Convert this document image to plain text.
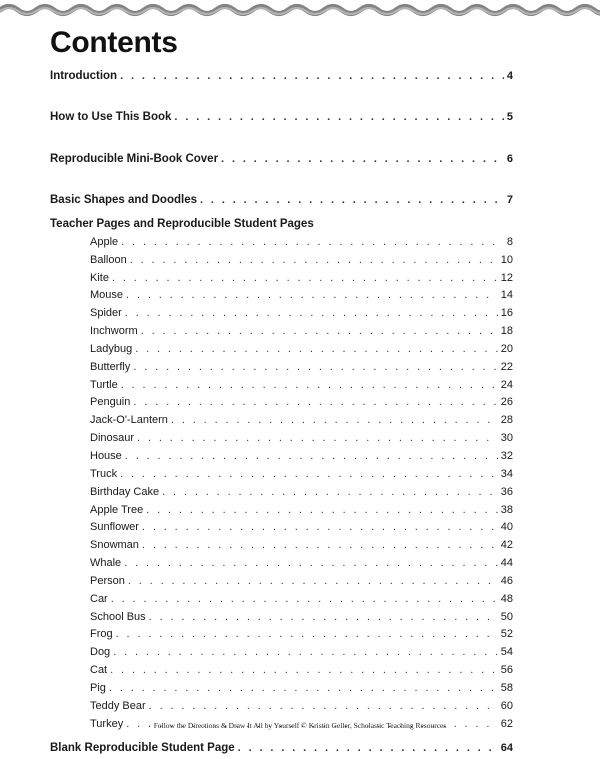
Contents
Introduction . . .	4
How to Use This Book . . .	5
Reproducible Mini-Book Cover . . .	6
Basic Shapes and Doodles . . .	7
Teacher Pages and Reproducible Student Pages
Apple . . .	8
Balloon . . .	10
Kite . . .	12
Mouse . . .	14
Spider . . .	16
Inchworm . . .	18
Ladybug . . .	20
Butterfly . . .	22
Turtle . . .	24
Penguin . . .	26
Jack-O'-Lantern . . .	28
Dinosaur . . .	30
House . . .	32
Truck . . .	34
Birthday Cake . . .	36
Apple Tree . . .	38
Sunflower . . .	40
Snowman . . .	42
Whale . . .	44
Person . . .	46
Car . . .	48
School Bus . . .	50
Frog . . .	52
Dog . . .	54
Cat . . .	56
Pig . . .	58
Teddy Bear . . .	60
Turkey . . .	62
Blank Reproducible Student Page . . .	64
Follow the Directions & Draw It All by Yourself © Kristin Geller, Scholastic Teaching Resources
